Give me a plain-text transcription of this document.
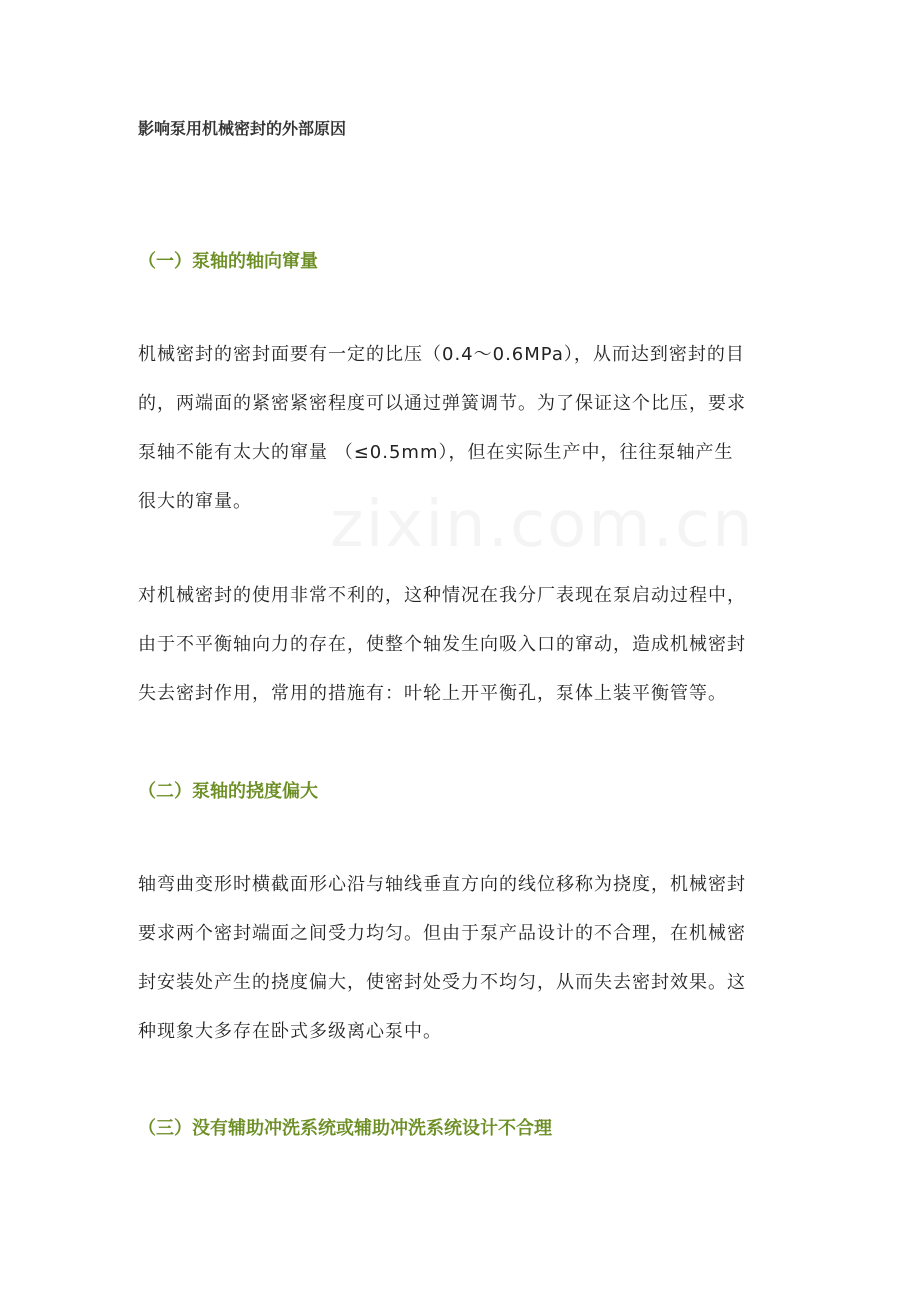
影响泵用机械密封的外部原因
（一）泵轴的轴向窜量

机械密封的密封面要有一定的比压（0.4～0.6MPa），从而达到密封的目
的，两端面的紧密紧密程度可以通过弹簧调节。为了保证这个比压，要求
泵轴不能有太大的窜量 （≤0.5mm），但在实际生产中，往往泵轴产生
很大的窜量。

对机械密封的使用非常不利的，这种情况在我分厂表现在泵启动过程中，
由于不平衡轴向力的存在，使整个轴发生向吸入口的窜动，造成机械密封
失去密封作用，常用的措施有：叶轮上开平衡孔，泵体上装平衡管等。

（二）泵轴的挠度偏大

轴弯曲变形时横截面形心沿与轴线垂直方向的线位移称为挠度，机械密封
要求两个密封端面之间受力均匀。但由于泵产品设计的不合理，在机械密
封安装处产生的挠度偏大，使密封处受力不均匀，从而失去密封效果。这
种现象大多存在卧式多级离心泵中。

（三）没有辅助冲洗系统或辅助冲洗系统设计不合理
